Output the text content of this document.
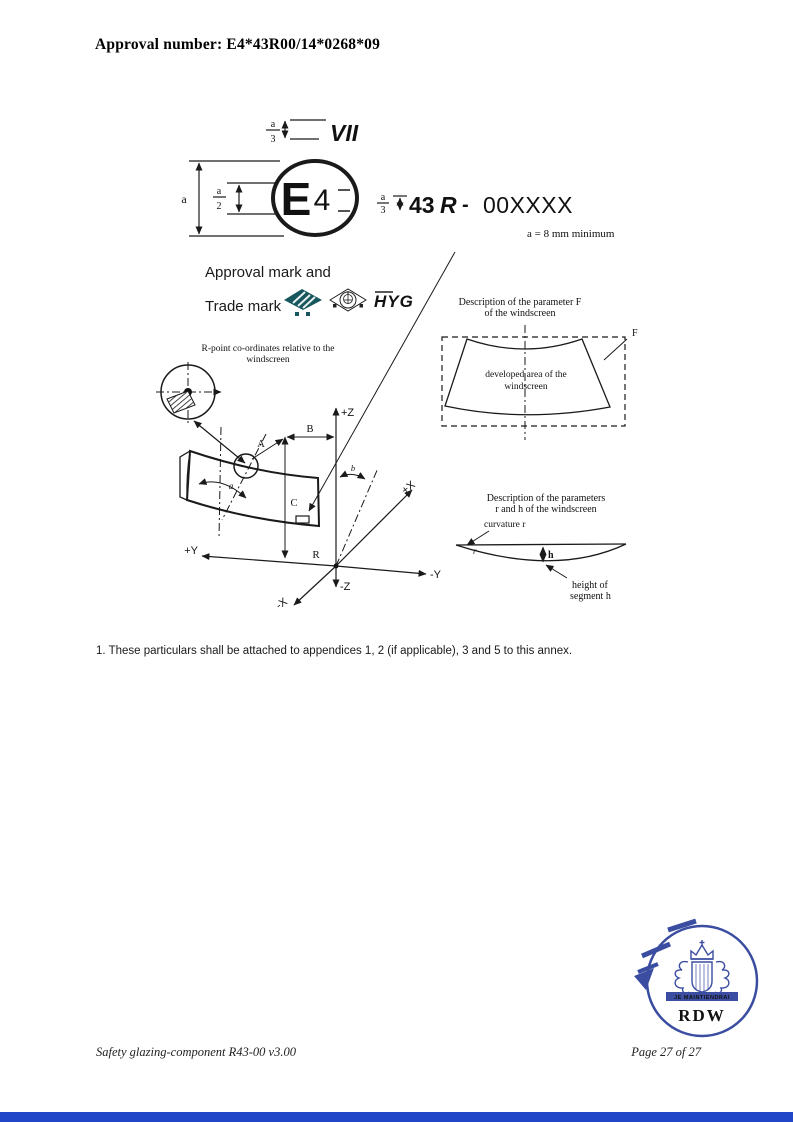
Approval number: E4*43R00/14*0268*09
a
3 VII
a
a
2 E 4	a
3 43 R - 00XXXX
a = 8 mm minimum
HYG
R-point co-ordinates relative to the
windscreen
a
A
B
C
+Z
-Z
+Y
-Y
+X
-X
R
b
Description of the parameter F
of the windscreen
developed area of the
windscreen
F
Description of the parameters
r and h of the windscreen
curvature r
r	h
height of
segment h
Approval mark and
Trade mark
1. These particulars shall be attached to appendices 1, 2 (if applicable), 3 and 5 to this annex.
JE MAINTIENDRAI
RDW
Safety glazing-component R43-00 v3.00	Page 27 of 27
